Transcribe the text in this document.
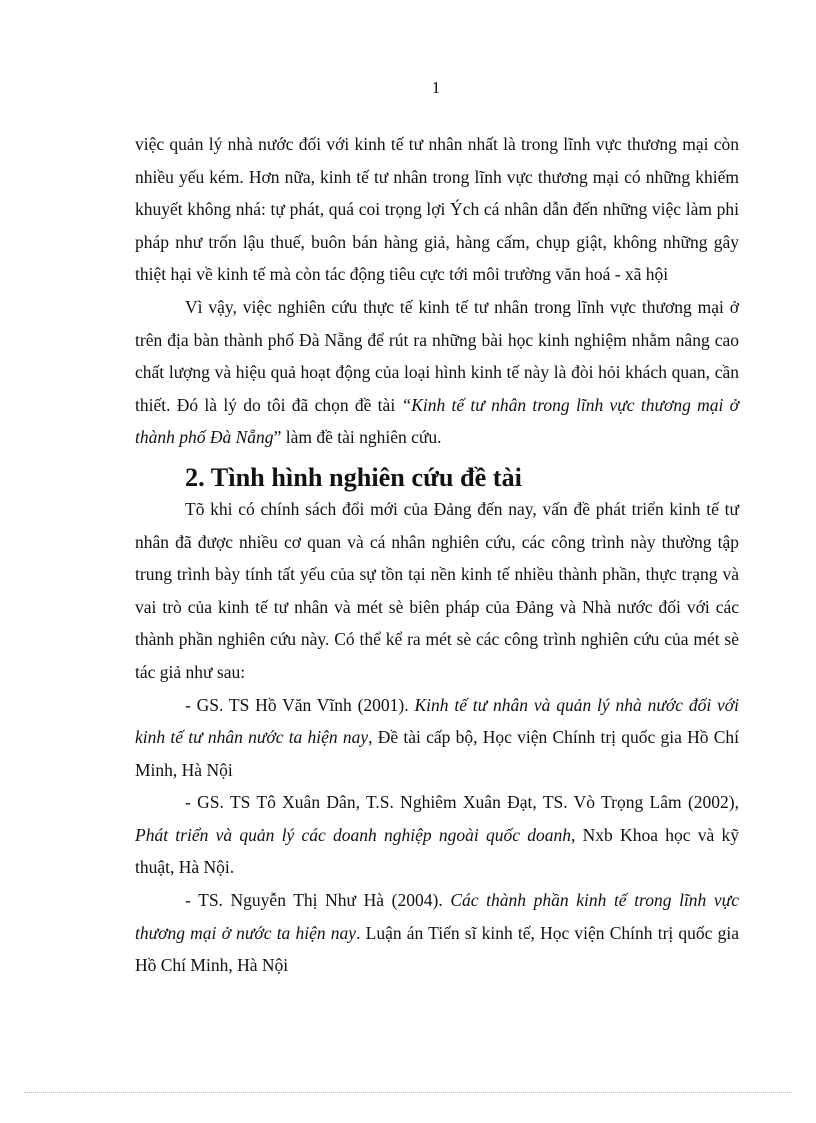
1

việc quản lý nhà nước đối với kinh tế tư nhân nhất là trong lĩnh vực thương mại còn nhiều yếu kém. Hơn nữa, kinh tế tư nhân trong lĩnh vực thương mại có những khiếm khuyết không nhá: tự phát, quá coi trọng lợi Ých cá nhân dẫn đến những việc làm phi pháp như trốn lậu thuế, buôn bán hàng giả, hàng cấm, chụp giật, không những gây thiệt hại về kinh tế mà còn tác động tiêu cực tới môi trường văn hoá - xã hội

Vì vậy, việc nghiên cứu thực tế kinh tế tư nhân trong lĩnh vực thương mại ở trên địa bàn thành phố Đà Nẵng để rút ra những bài học kinh nghiệm nhằm nâng cao chất lượng và hiệu quả hoạt động của loại hình kinh tế này là đòi hỏi khách quan, cần thiết. Đó là lý do tôi đã chọn đề tài “Kinh tế tư nhân trong lĩnh vực thương mại ở thành phố Đà Nẵng” làm đề tài nghiên cứu.

2. Tình hình nghiên cứu đề tài

Tõ khi có chính sách đổi mới của Đảng đến nay, vấn đề phát triển kinh tế tư nhân đã được nhiều cơ quan và cá nhân nghiên cứu, các công trình này thường tập trung trình bày tính tất yếu của sự tồn tại nền kinh tế nhiều thành phần, thực trạng và vai trò của kinh tế tư nhân và mét sè biên pháp của Đảng và Nhà nước đối với các thành phần nghiên cứu này. Có thể kể ra mét sè các công trình nghiên cứu của mét sè tác giả như sau:

- GS. TS Hồ Văn Vĩnh (2001). Kinh tế tư nhân và quản lý nhà nước đối với kinh tế tư nhân nước ta hiện nay, Đề tài cấp bộ, Học viện Chính trị quốc gia Hồ Chí Minh, Hà Nội

- GS. TS Tô Xuân Dân, T.S. Nghiêm Xuân Đạt, TS. Vò Trọng Lâm (2002), Phát triển và quản lý các doanh nghiệp ngoài quốc doanh, Nxb Khoa học và kỹ thuật, Hà Nội.

- TS. Nguyễn Thị Như Hà (2004). Các thành phần kinh tế trong lĩnh vực thương mại ở nước ta hiện nay. Luận án Tiến sĩ kinh tế, Học viện Chính trị quốc gia Hồ Chí Minh, Hà Nội
